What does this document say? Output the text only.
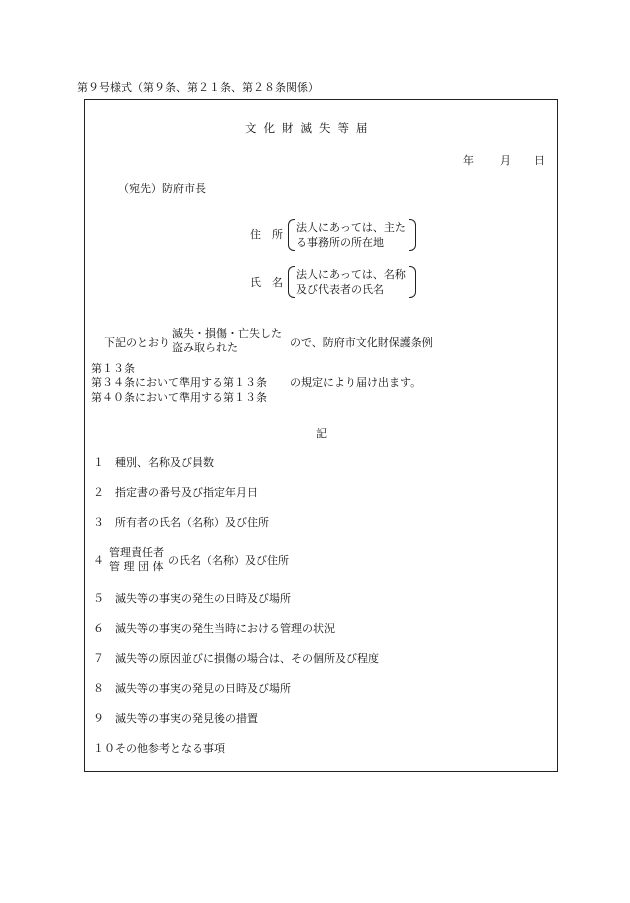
第９号様式（第９条、第２１条、第２８条関係）
文化財滅失等届
年 月 日
（宛先）防府市長
住　所
法人にあっては、主た
る事務所の所在地
氏　名
法人にあっては、名称
及び代表者の氏名
下記のとおり
滅失・損傷・亡失した
盗み取られた	ので、防府市文化財保護条例
第１３条
第３４条において準用する第１３条 の規定により届け出ます。
第４０条において準用する第１３条
記
１ 種別、名称及び員数
２ 指定書の番号及び指定年月日
３ 所有者の氏名（名称）及び住所
４
管理責任者
管 理 団 体 の氏名（名称）及び住所
５ 滅失等の事実の発生の日時及び場所
６ 滅失等の事実の発生当時における管理の状況
７ 滅失等の原因並びに損傷の場合は、その個所及び程度
８ 滅失等の事実の発見の日時及び場所
９ 滅失等の事実の発見後の措置
１０その他参考となる事項
